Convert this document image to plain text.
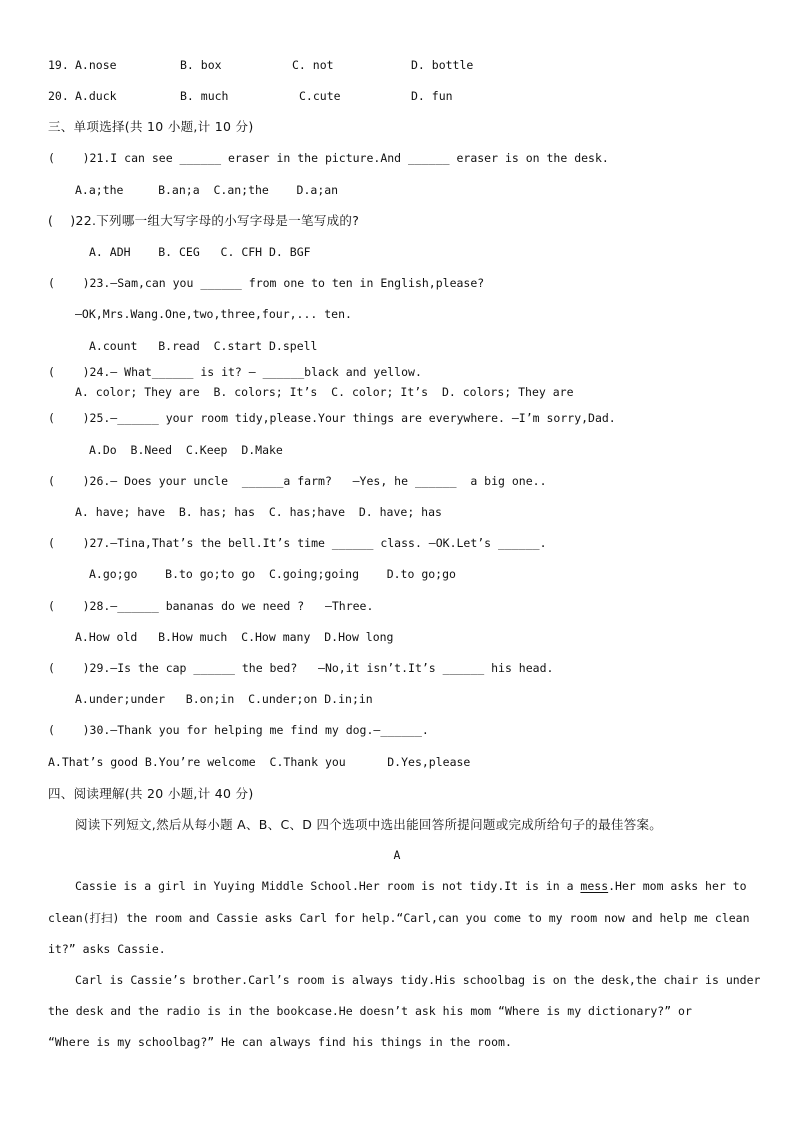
19. A.nose	B. box	C. not	D. bottle
20. A.duck	B. much	C.cute	D. fun
三、单项选择(共 10 小题,计 10 分)
(    )21.I can see ______ eraser in the picture.And ______ eraser is on the desk.
A.a;the     B.an;a  C.an;the    D.a;an
(    )22.下列哪一组大写字母的小写字母是一笔写成的?
A. ADH    B. CEG   C. CFH D. BGF
(    )23.—Sam,can you ______ from one to ten in English,please?
—OK,Mrs.Wang.One,two,three,four,... ten.
A.count   B.read  C.start D.spell
(    )24.— What______ is it? — ______black and yellow.
A. color; They are  B. colors; It’s  C. color; It’s  D. colors; They are
(    )25.—______ your room tidy,please.Your things are everywhere. —I’m sorry,Dad.
A.Do  B.Need  C.Keep  D.Make
(    )26.— Does your uncle  ______a farm?   —Yes, he ______  a big one..
A. have; have  B. has; has  C. has;have  D. have; has
(    )27.—Tina,That’s the bell.It’s time ______ class. —OK.Let’s ______.
A.go;go    B.to go;to go  C.going;going    D.to go;go
(    )28.—______ bananas do we need ?   —Three.
A.How old   B.How much  C.How many  D.How long
(    )29.—Is the cap ______ the bed?   —No,it isn’t.It’s ______ his head.
A.under;under   B.on;in  C.under;on D.in;in
(    )30.—Thank you for helping me find my dog.—______.
A.That’s good B.You’re welcome  C.Thank you      D.Yes,please
四、阅读理解(共 20 小题,计 40 分)
阅读下列短文,然后从每小题 A、B、C、D 四个选项中选出能回答所提问题或完成所给句子的最佳答案。
A
Cassie is a girl in Yuying Middle School.Her room is not tidy.It is in a mess.Her mom asks her to
clean(打扫) the room and Cassie asks Carl for help.“Carl,can you come to my room now and help me clean
it?” asks Cassie.
Carl is Cassie’s brother.Carl’s room is always tidy.His schoolbag is on the desk,the chair is under
the desk and the radio is in the bookcase.He doesn’t ask his mom “Where is my dictionary?” or
“Where is my schoolbag?” He can always find his things in the room.
